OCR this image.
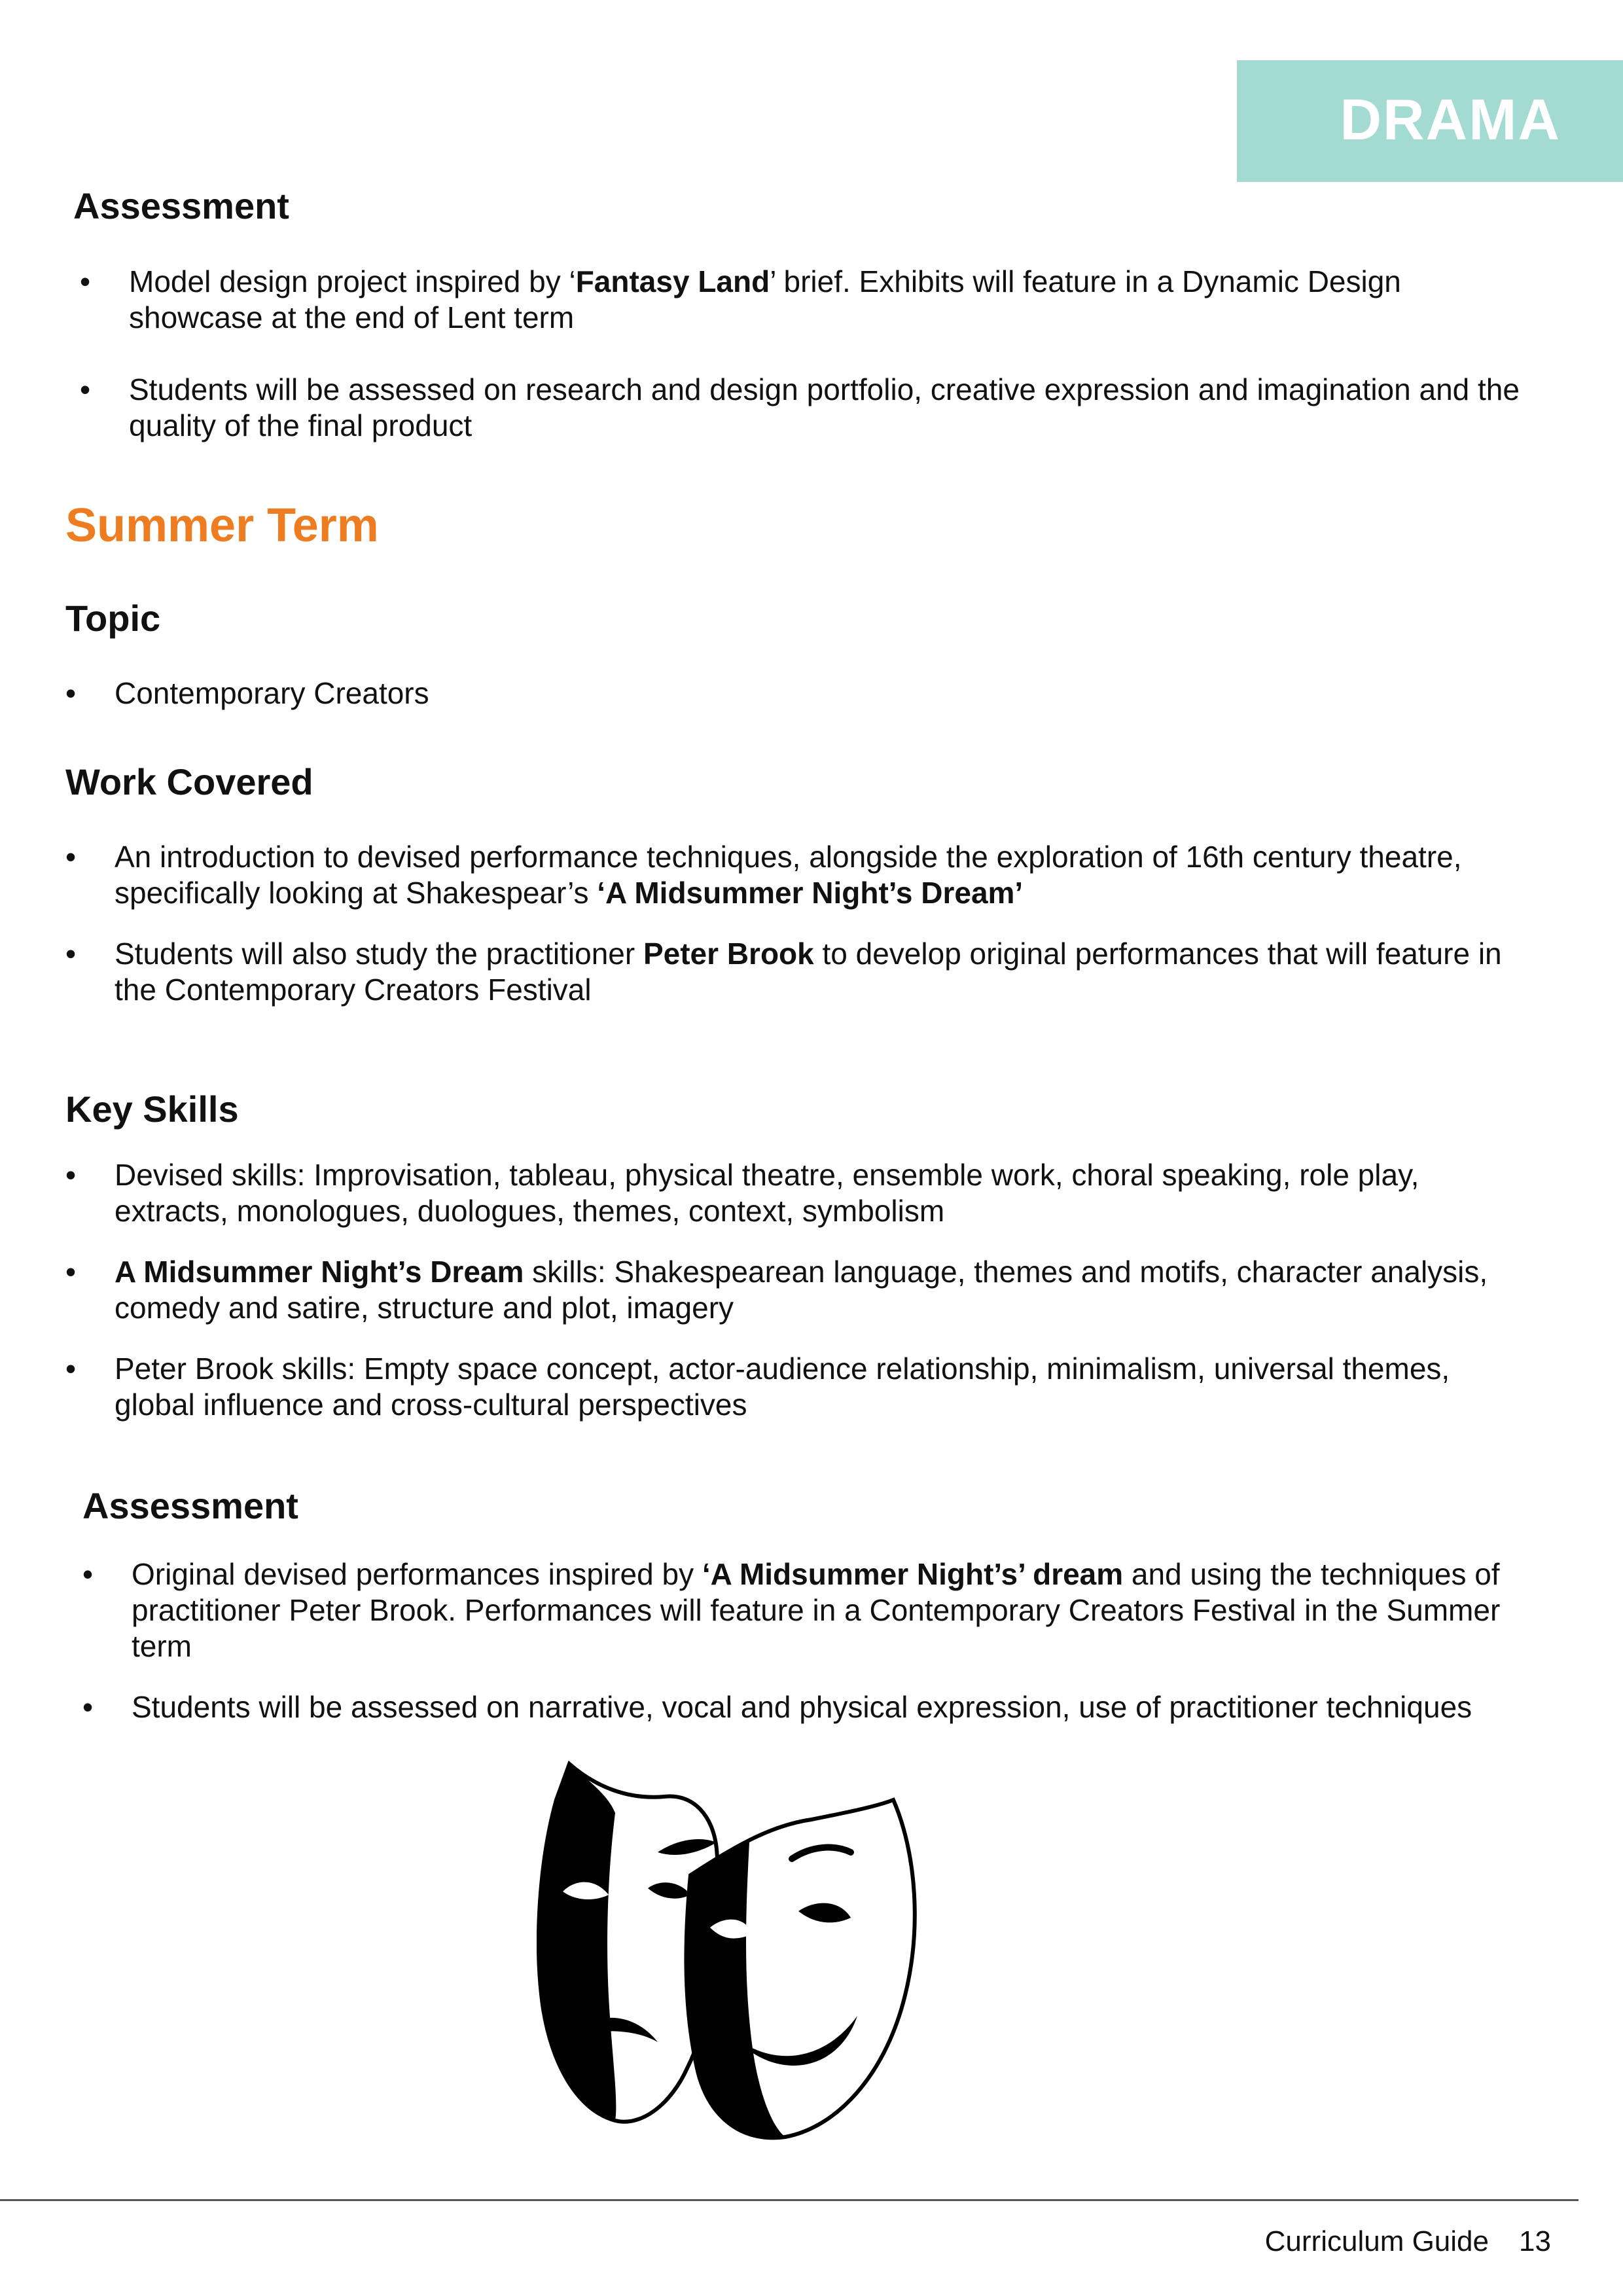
DRAMA
Assessment
• Model design project inspired by ‘Fantasy Land’ brief. Exhibits will feature in a Dynamic Design showcase at the end of Lent term
• Students will be assessed on research and design portfolio, creative expression and imagination and the quality of the final product
Summer Term
Topic
• Contemporary Creators
Work Covered
• An introduction to devised performance techniques, alongside the exploration of 16th century theatre, specifically looking at Shakespear’s ‘A Midsummer Night’s Dream’
• Students will also study the practitioner Peter Brook to develop original performances that will feature in the Contemporary Creators Festival
Key Skills
• Devised skills: Improvisation, tableau, physical theatre, ensemble work, choral speaking, role play, extracts, monologues, duologues, themes, context, symbolism
• A Midsummer Night’s Dream skills: Shakespearean language, themes and motifs, character analysis, comedy and satire, structure and plot, imagery
• Peter Brook skills: Empty space concept, actor-audience relationship, minimalism, universal themes, global influence and cross-cultural perspectives
Assessment
• Original devised performances inspired by ‘A Midsummer Night’s’ dream and using the techniques of practitioner Peter Brook. Performances will feature in a Contemporary Creators Festival in the Summer term
• Students will be assessed on narrative, vocal and physical expression, use of practitioner techniques
Curriculum Guide 13
